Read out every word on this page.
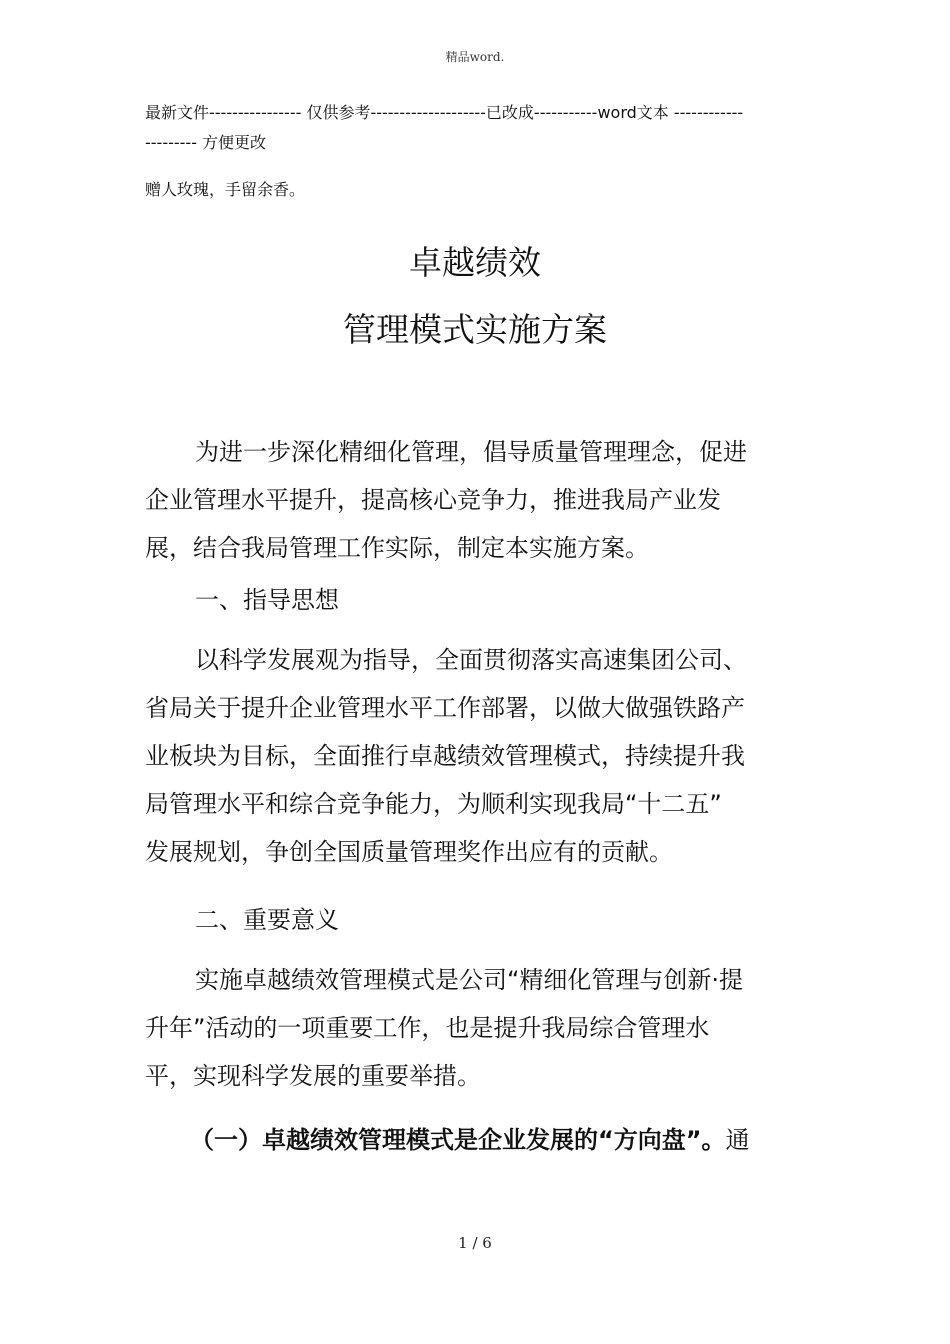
精品word.
最新文件---------------- 仅供参考--------------------已改成-----------word文本 ------------
--------- 方便更改
赠人玫瑰，手留余香。
卓越绩效
管理模式实施方案
为进一步深化精细化管理，倡导质量管理理念，促进
企业管理水平提升，提高核心竞争力，推进我局产业发
展，结合我局管理工作实际，制定本实施方案。
一、指导思想
以科学发展观为指导，全面贯彻落实高速集团公司、
省局关于提升企业管理水平工作部署，以做大做强铁路产
业板块为目标，全面推行卓越绩效管理模式，持续提升我
局管理水平和综合竞争能力，为顺利实现我局“十二五”
发展规划，争创全国质量管理奖作出应有的贡献。
二、重要意义
实施卓越绩效管理模式是公司“精细化管理与创新·提
升年”活动的一项重要工作，也是提升我局综合管理水
平，实现科学发展的重要举措。
（一）卓越绩效管理模式是企业发展的“方向盘”。通
1 / 6
